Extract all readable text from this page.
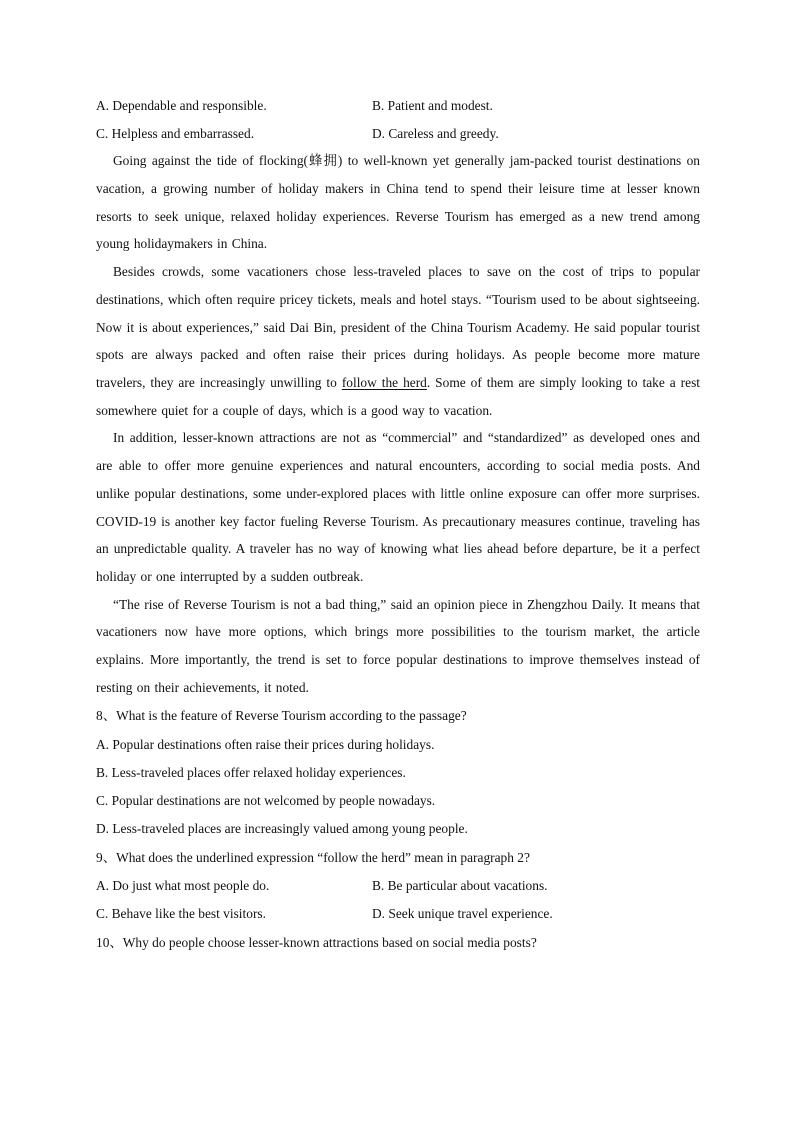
A. Dependable and responsible.	B. Patient and modest.
C. Helpless and embarrassed.	D. Careless and greedy.

Going against the tide of flocking(蜂拥) to well-known yet generally jam-packed tourist destinations on vacation, a growing number of holiday makers in China tend to spend their leisure time at lesser known resorts to seek unique, relaxed holiday experiences. Reverse Tourism has emerged as a new trend among young holidaymakers in China.

Besides crowds, some vacationers chose less-traveled places to save on the cost of trips to popular destinations, which often require pricey tickets, meals and hotel stays. “Tourism used to be about sightseeing. Now it is about experiences,” said Dai Bin, president of the China Tourism Academy. He said popular tourist spots are always packed and often raise their prices during holidays. As people become more mature travelers, they are increasingly unwilling to follow the herd. Some of them are simply looking to take a rest somewhere quiet for a couple of days, which is a good way to vacation.

In addition, lesser-known attractions are not as “commercial” and “standardized” as developed ones and are able to offer more genuine experiences and natural encounters, according to social media posts. And unlike popular destinations, some under-explored places with little online exposure can offer more surprises. COVID-19 is another key factor fueling Reverse Tourism. As precautionary measures continue, traveling has an unpredictable quality. A traveler has no way of knowing what lies ahead before departure, be it a perfect holiday or one interrupted by a sudden outbreak.

“The rise of Reverse Tourism is not a bad thing,” said an opinion piece in Zhengzhou Daily. It means that vacationers now have more options, which brings more possibilities to the tourism market, the article explains. More importantly, the trend is set to force popular destinations to improve themselves instead of resting on their achievements, it noted.

8、What is the feature of Reverse Tourism according to the passage?
A. Popular destinations often raise their prices during holidays.
B. Less-traveled places offer relaxed holiday experiences.
C. Popular destinations are not welcomed by people nowadays.
D. Less-traveled places are increasingly valued among young people.
9、What does the underlined expression “follow the herd” mean in paragraph 2?
A. Do just what most people do.	B. Be particular about vacations.
C. Behave like the best visitors.	D. Seek unique travel experience.
10、Why do people choose lesser-known attractions based on social media posts?
